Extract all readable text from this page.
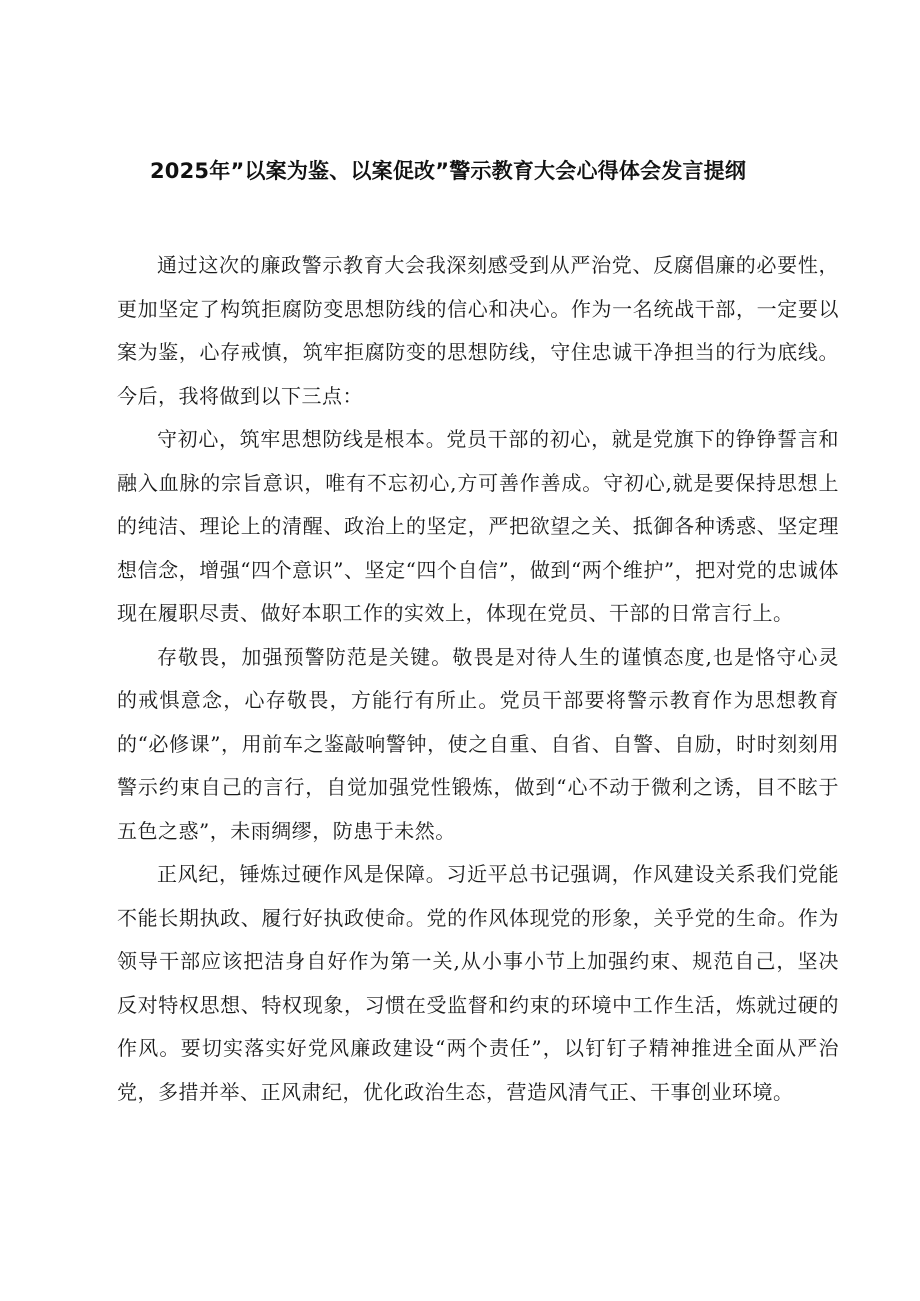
2025年”以案为鉴、以案促改”警示教育大会心得体会发言提纲

通过这次的廉政警示教育大会我深刻感受到从严治党、反腐倡廉的必要性，更加坚定了构筑拒腐防变思想防线的信心和决心。作为一名统战干部，一定要以案为鉴，心存戒慎，筑牢拒腐防变的思想防线，守住忠诚干净担当的行为底线。今后，我将做到以下三点：

守初心，筑牢思想防线是根本。党员干部的初心，就是党旗下的铮铮誓言和融入血脉的宗旨意识，唯有不忘初心,方可善作善成。守初心,就是要保持思想上的纯洁、理论上的清醒、政治上的坚定，严把欲望之关、抵御各种诱惑、坚定理想信念，增强“四个意识”、坚定“四个自信”，做到“两个维护”，把对党的忠诚体现在履职尽责、做好本职工作的实效上，体现在党员、干部的日常言行上。

存敬畏，加强预警防范是关键。敬畏是对待人生的谨慎态度,也是恪守心灵的戒惧意念，心存敬畏，方能行有所止。党员干部要将警示教育作为思想教育的“必修课”，用前车之鉴敲响警钟，使之自重、自省、自警、自励，时时刻刻用警示约束自己的言行，自觉加强党性锻炼，做到“心不动于微利之诱，目不眩于五色之惑”，未雨绸缪，防患于未然。

正风纪，锤炼过硬作风是保障。习近平总书记强调，作风建设关系我们党能不能长期执政、履行好执政使命。党的作风体现党的形象，关乎党的生命。作为领导干部应该把洁身自好作为第一关,从小事小节上加强约束、规范自己，坚决反对特权思想、特权现象，习惯在受监督和约束的环境中工作生活，炼就过硬的作风。要切实落实好党风廉政建设“两个责任”，以钉钉子精神推进全面从严治党，多措并举、正风肃纪，优化政治生态，营造风清气正、干事创业环境。
